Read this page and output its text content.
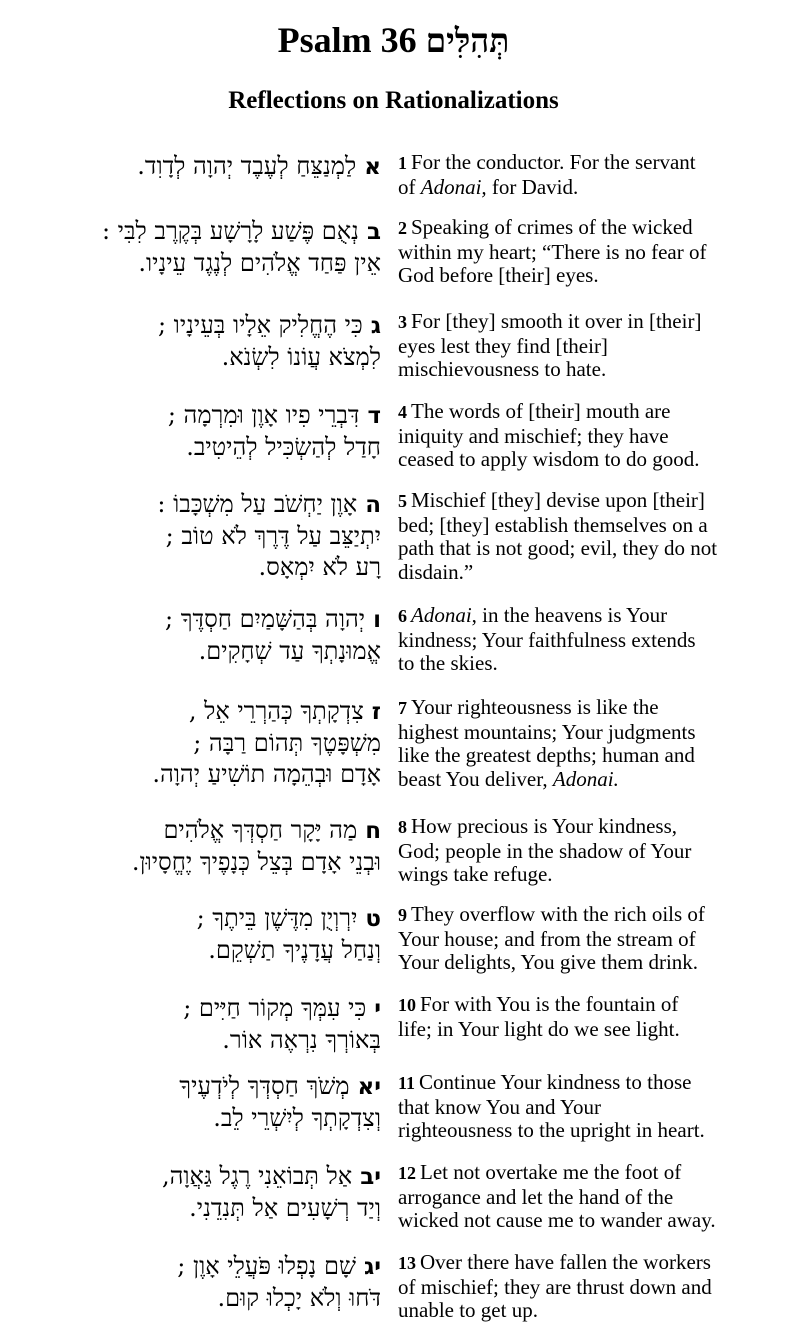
Psalm 36 תְּהִלִּים
Reflections on Rationalizations
אלַמְנַצֵּחַ לְעֶבֶד יְהוָה לְדָוִד.	1 For the conductor. For the servant
of Adonai, for David.
בנְאֻם פֶּשַׁע לָרָשָׁע בְּקֶרֶב לִבִּי :
אֵין פַּחַד אֱלֹהִים לְנֶגֶד עֵינָיו.
2 Speaking of crimes of the wicked
within my heart; “There is no fear of
God before [their] eyes.
גכִּי הֶחֱלִיק אֵלָיו בְּעֵינָיו ;
לִמְצֹא עֲוֹנוֹ לִשְׂנֹא.
3 For [they] smooth it over in [their]
eyes lest they find [their]
mischievousness to hate.
דדִּבְרֵי פִיו אָוֶן וּמִרְמָה ;
חָדַל לְהַשְׂכִּיל לְהֵיטִיב.
4 The words of [their] mouth are
iniquity and mischief; they have
ceased to apply wisdom to do good.
האָוֶן יַחְשֹׁב עַל מִשְׁכָּבוֹ :
יִתְיַצֵּב עַל דֶּרֶךְ לֹא טוֹב ;
רָע לֹא יִמְאָס.
5 Mischief [they] devise upon [their]
bed; [they] establish themselves on a
path that is not good; evil, they do not
disdain.”
ויְהוָה בְּהַשָּׁמַיִם חַסְדֶּךָ ;
אֱמוּנָתְךָ עַד שְׁחָקִים.
6 Adonai, in the heavens is Your
kindness; Your faithfulness extends
to the skies.
זצִדְקָתְךָ כְּהַרְרֵי אֵל ,
מִשְׁפָּטֶךָ תְּהוֹם רַבָּה ;
אָדָם וּבְהֵמָה תוֹשִׁיעַ יְהוָה.
7 Your righteousness is like the
highest mountains; Your judgments
like the greatest depths; human and
beast You deliver, Adonai.
חמַה יָּקָר חַסְדְּךָ אֱלֹהִים
וּבְנֵי אָדָם בְּצֵל כְּנָפֶיךָ יֶחֱסָיוּן.
8 How precious is Your kindness,
God; people in the shadow of Your
wings take refuge.
טיִרְוְיֻן מִדֶּשֶׁן בֵּיתֶךָ ;
וְנַחַל עֲדָנֶיךָ תַשְׁקֵם.
9 They overflow with the rich oils of
Your house; and from the stream of
Your delights, You give them drink.
יכִּי עִמְּךָ מְקוֹר חַיִּים ;
בְּאוֹרְךָ נִרְאֶה אוֹר.
10 For with You is the fountain of
life; in Your light do we see light.
יאמְשֹׁךְ חַסְדְּךָ לְיֹדְעֶיךָ
וְצִדְקָתְךָ לְיִשְׁרֵי לֵב.
11 Continue Your kindness to those
that know You and Your
righteousness to the upright in heart.
יבאַל תְּבוֹאֵנִי רֶגֶל גַּאֲוָה,
וְיַד רְשָׁעִים אַל תְּנִדֵנִי.
12 Let not overtake me the foot of
arrogance and let the hand of the
wicked not cause me to wander away.
יגשָׁם נָפְלוּ פֹּעֲלֵי אָוֶן ;
דֹּחוּ וְלֹא יָכְלוּ קוּם.
13 Over there have fallen the workers
of mischief; they are thrust down and
unable to get up.
